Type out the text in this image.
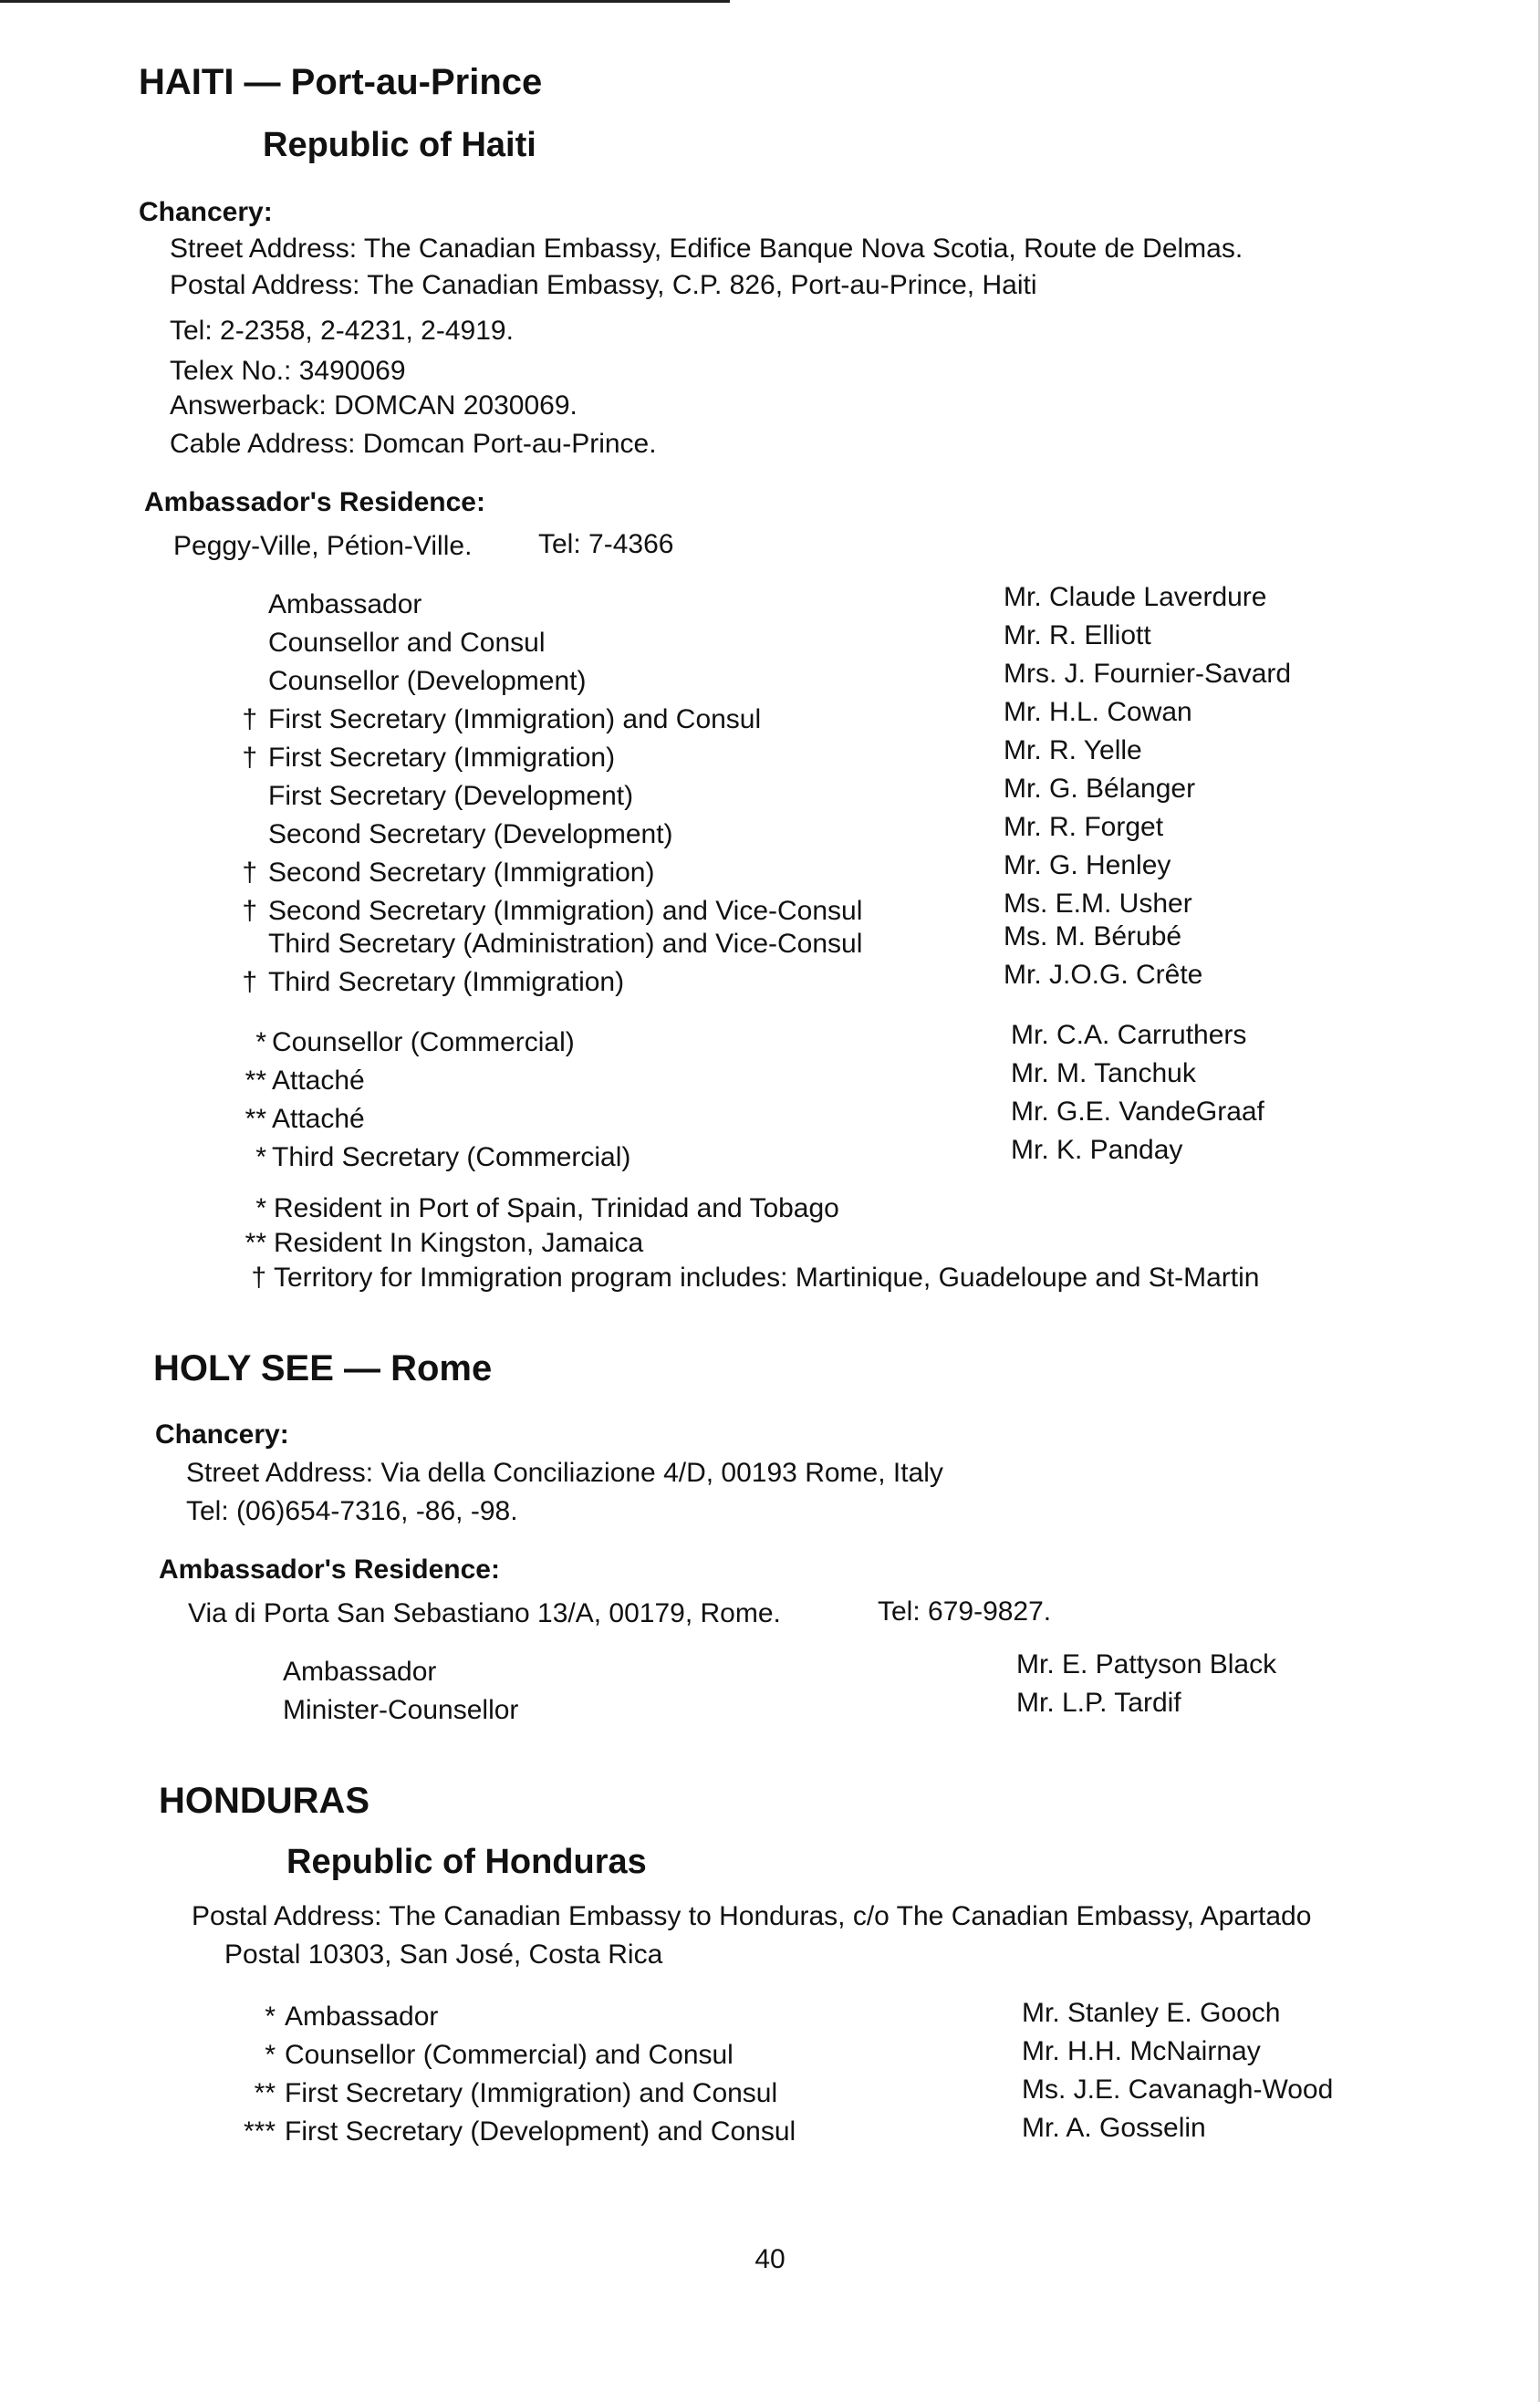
HAITI — Port-au-Prince
Republic of Haiti
Chancery:
Street Address: The Canadian Embassy, Edifice Banque Nova Scotia, Route de Delmas.
Postal Address: The Canadian Embassy, C.P. 826, Port-au-Prince, Haiti
Tel: 2-2358, 2-4231, 2-4919.
Telex No.: 3490069
Answerback: DOMCAN 2030069.
Cable Address: Domcan Port-au-Prince.
Ambassador's Residence:
Peggy-Ville, Pétion-Ville. Tel: 7-4366
Ambassador	Mr. Claude Laverdure
Counsellor and Consul	Mr. R. Elliott
Counsellor (Development)	Mrs. J. Fournier-Savard
† First Secretary (Immigration) and Consul	Mr. H.L. Cowan
† First Secretary (Immigration)	Mr. R. Yelle
First Secretary (Development)	Mr. G. Bélanger
Second Secretary (Development)	Mr. R. Forget
† Second Secretary (Immigration)	Mr. G. Henley
† Second Secretary (Immigration) and Vice-Consul	Ms. E.M. Usher
Third Secretary (Administration) and Vice-Consul	Ms. M. Bérubé
† Third Secretary (Immigration)	Mr. J.O.G. Crête
* Counsellor (Commercial)	Mr. C.A. Carruthers
** Attaché	Mr. M. Tanchuk
** Attaché	Mr. G.E. VandeGraaf
* Third Secretary (Commercial)	Mr. K. Panday
* Resident in Port of Spain, Trinidad and Tobago
** Resident In Kingston, Jamaica
† Territory for Immigration program includes: Martinique, Guadeloupe and St-Martin
HOLY SEE — Rome
Chancery:
Street Address: Via della Conciliazione 4/D, 00193 Rome, Italy
Tel: (06)654-7316, -86, -98.
Ambassador's Residence:
Via di Porta San Sebastiano 13/A, 00179, Rome.	Tel: 679-9827.
Ambassador	Mr. E. Pattyson Black
Minister-Counsellor	Mr. L.P. Tardif
HONDURAS
Republic of Honduras
Postal Address: The Canadian Embassy to Honduras, c/o The Canadian Embassy, Apartado
Postal 10303, San José, Costa Rica
* Ambassador	Mr. Stanley E. Gooch
* Counsellor (Commercial) and Consul	Mr. H.H. McNairnay
** First Secretary (Immigration) and Consul	Ms. J.E. Cavanagh-Wood
*** First Secretary (Development) and Consul	Mr. A. Gosselin
40
